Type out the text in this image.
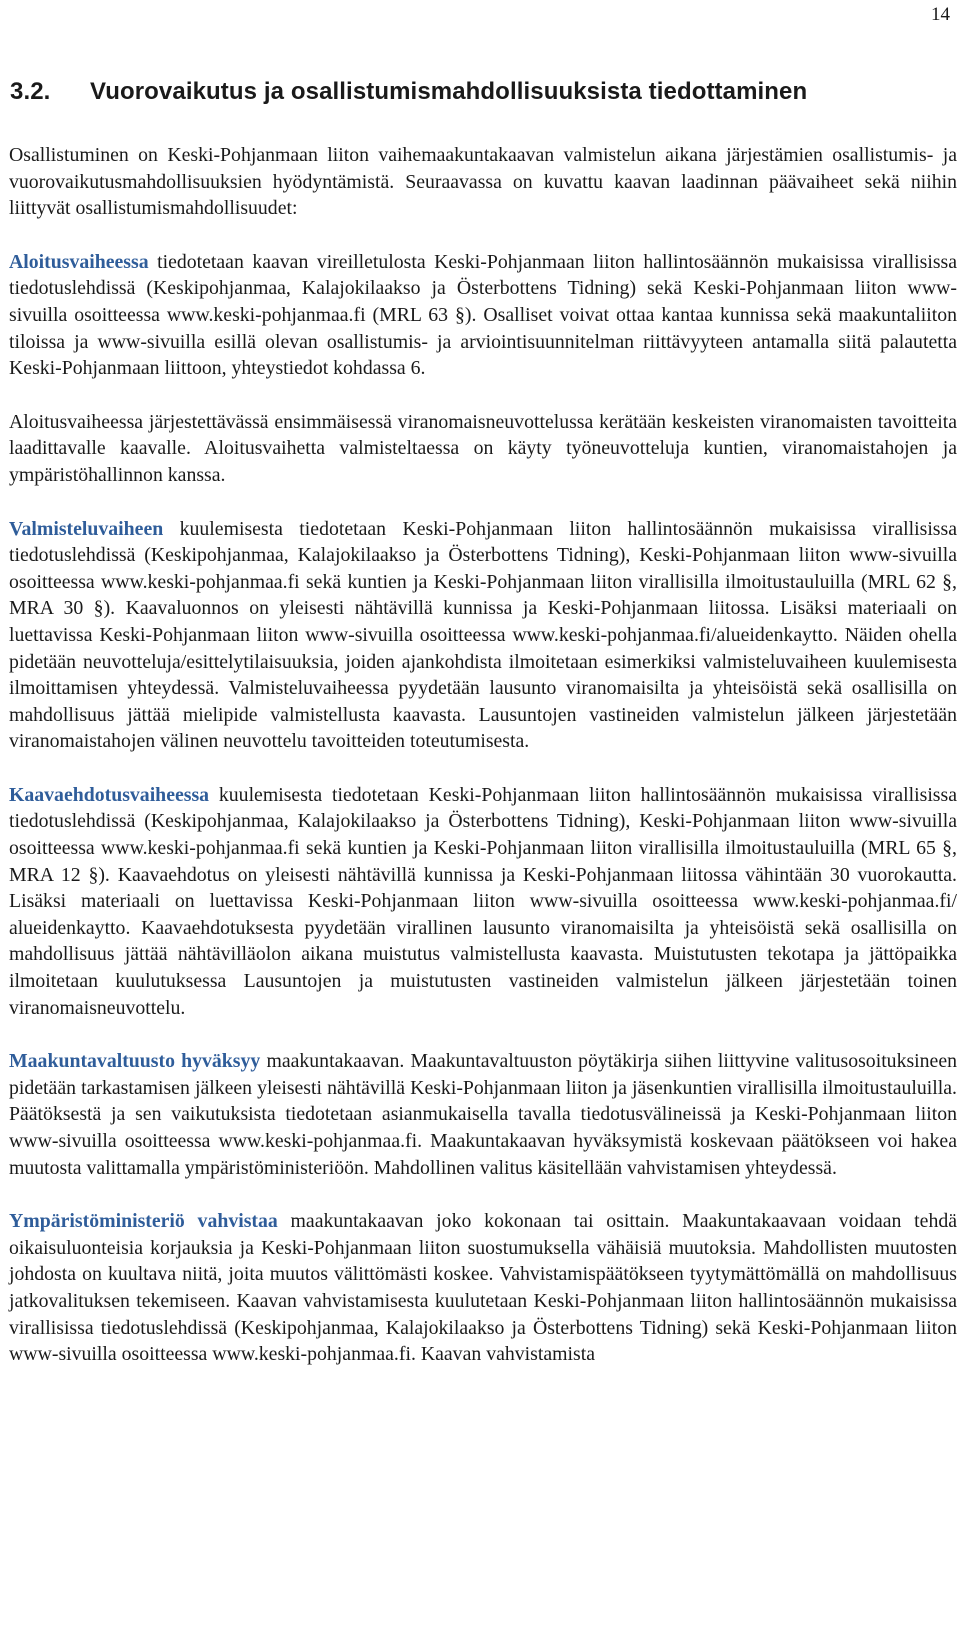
14
3.2. Vuorovaikutus ja osallistumismahdollisuuksista tiedottaminen

Osallistuminen on Keski-Pohjanmaan liiton vaihemaakuntakaavan valmistelun aikana järjestämien osallistumis- ja vuorovaikutusmahdollisuuksien hyödyntämistä. Seuraavassa on kuvattu kaavan laadinnan päävaiheet sekä niihin liittyvät osallistumismahdollisuudet:

Aloitusvaiheessa tiedotetaan kaavan vireilletulosta Keski-Pohjanmaan liiton hallintosäännön mukaisissa virallisissa tiedotuslehdissä (Keskipohjanmaa, Kalajokilaakso ja Österbottens Tidning) sekä Keski-Pohjanmaan liiton www-sivuilla osoitteessa www.keski-pohjanmaa.fi (MRL 63 §). Osalliset voivat ottaa kantaa kunnissa sekä maakuntaliiton tiloissa ja www-sivuilla esillä olevan osallistumis- ja arviointisuunnitelman riittävyyteen antamalla siitä palautetta Keski-Pohjanmaan liittoon, yhteystiedot kohdassa 6.

Aloitusvaiheessa järjestettävässä ensimmäisessä viranomaisneuvottelussa kerätään keskeisten viranomaisten tavoitteita laadittavalle kaavalle. Aloitusvaihetta valmisteltaessa on käyty työneuvotteluja kuntien, viranomaistahojen ja ympäristöhallinnon kanssa.

Valmisteluvaiheen kuulemisesta tiedotetaan Keski-Pohjanmaan liiton hallintosäännön mukaisissa virallisissa tiedotuslehdissä (Keskipohjanmaa, Kalajokilaakso ja Österbottens Tidning), Keski-Pohjanmaan liiton www-sivuilla osoitteessa www.keski-pohjanmaa.fi sekä kuntien ja Keski-Pohjanmaan liiton virallisilla ilmoitustauluilla (MRL 62 §, MRA 30 §). Kaavaluonnos on yleisesti nähtävillä kunnissa ja Keski-Pohjanmaan liitossa. Lisäksi materiaali on luettavissa Keski-Pohjanmaan liiton www-sivuilla osoitteessa www.keski-pohjanmaa.fi/alueidenkaytto. Näiden ohella pidetään neuvotteluja/esittelytilaisuuksia, joiden ajankohdista ilmoitetaan esimerkiksi valmisteluvaiheen kuulemisesta ilmoittamisen yhteydessä. Valmisteluvaiheessa pyydetään lausunto viranomaisilta ja yhteisöistä sekä osallisilla on mahdollisuus jättää mielipide valmistellusta kaavasta. Lausuntojen vastineiden valmistelun jälkeen järjestetään viranomaistahojen välinen neuvottelu tavoitteiden toteutumisesta.

Kaavaehdotusvaiheessa kuulemisesta tiedotetaan Keski-Pohjanmaan liiton hallintosäännön mukaisissa virallisissa tiedotuslehdissä (Keskipohjanmaa, Kalajokilaakso ja Österbottens Tidning), Keski-Pohjanmaan liiton www-sivuilla osoitteessa www.keski-pohjanmaa.fi sekä kuntien ja Keski-Pohjanmaan liiton virallisilla ilmoitustauluilla (MRL 65 §, MRA 12 §). Kaavaehdotus on yleisesti nähtävillä kunnissa ja Keski-Pohjanmaan liitossa vähintään 30 vuorokautta. Lisäksi materiaali on luettavissa Keski-Pohjanmaan liiton www-sivuilla osoitteessa www.keski-pohjanmaa.fi/ alueidenkaytto. Kaavaehdotuksesta pyydetään virallinen lausunto viranomaisilta ja yhteisöistä sekä osallisilla on mahdollisuus jättää nähtävilläolon aikana muistutus valmistellusta kaavasta. Muistutusten tekotapa ja jättöpaikka ilmoitetaan kuulutuksessa Lausuntojen ja muistutusten vastineiden valmistelun jälkeen järjestetään toinen viranomaisneuvottelu.

Maakuntavaltuusto hyväksyy maakuntakaavan. Maakuntavaltuuston pöytäkirja siihen liittyvine valitusosoituksineen pidetään tarkastamisen jälkeen yleisesti nähtävillä Keski-Pohjanmaan liiton ja jäsenkuntien virallisilla ilmoitustauluilla. Päätöksestä ja sen vaikutuksista tiedotetaan asianmukaisella tavalla tiedotusvälineissä ja Keski-Pohjanmaan liiton www-sivuilla osoitteessa www.keski-pohjanmaa.fi. Maakuntakaavan hyväksymistä koskevaan päätökseen voi hakea muutosta valittamalla ympäristöministeriöön. Mahdollinen valitus käsitellään vahvistamisen yhteydessä.

Ympäristöministeriö vahvistaa maakuntakaavan joko kokonaan tai osittain. Maakuntakaavaan voidaan tehdä oikaisuluonteisia korjauksia ja Keski-Pohjanmaan liiton suostumuksella vähäisiä muutoksia. Mahdollisten muutosten johdosta on kuultava niitä, joita muutos välittömästi koskee. Vahvistamispäätökseen tyytymättömällä on mahdollisuus jatkovalituksen tekemiseen. Kaavan vahvistamisesta kuulutetaan Keski-Pohjanmaan liiton hallintosäännön mukaisissa virallisissa tiedotuslehdissä (Keskipohjanmaa, Kalajokilaakso ja Österbottens Tidning) sekä Keski-Pohjanmaan liiton www-sivuilla osoitteessa www.keski-pohjanmaa.fi. Kaavan vahvistamista
